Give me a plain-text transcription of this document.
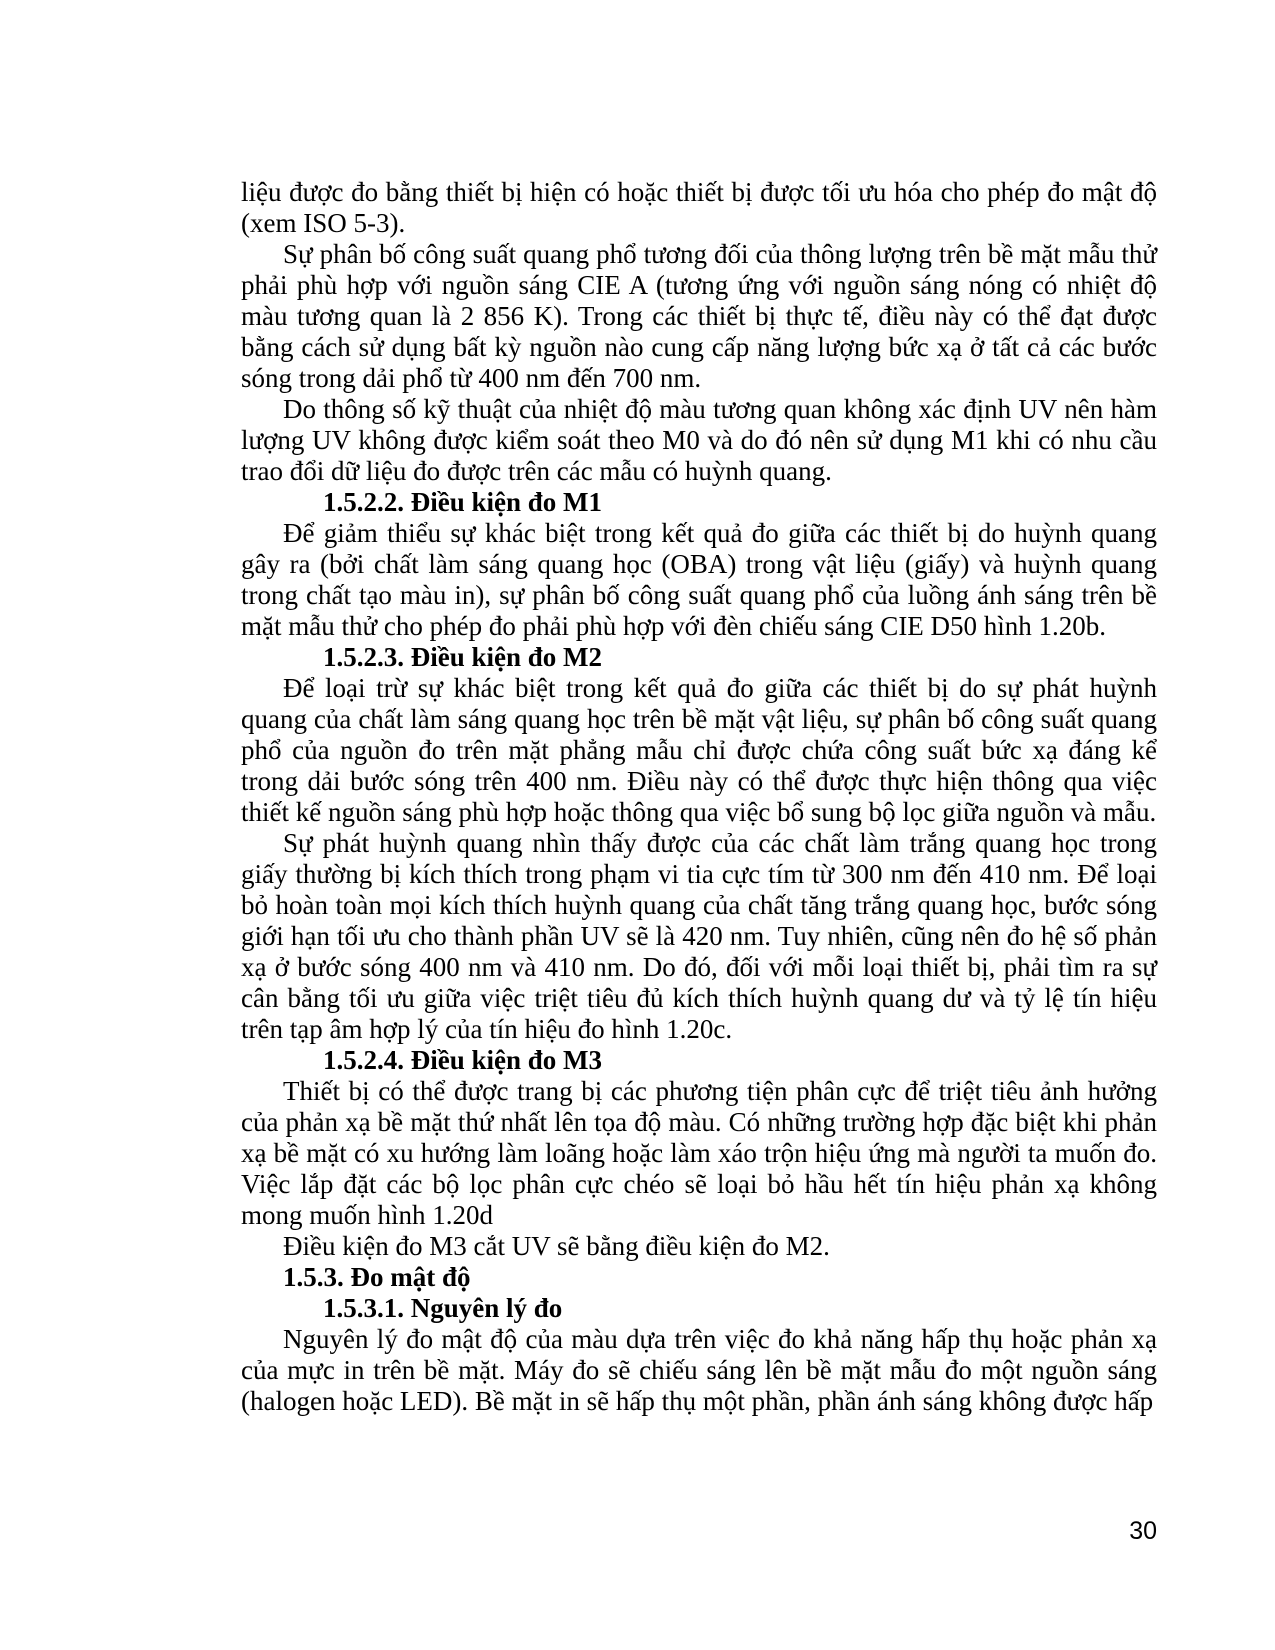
liệu được đo bằng thiết bị hiện có hoặc thiết bị được tối ưu hóa cho phép đo mật độ (xem ISO 5-3).

Sự phân bố công suất quang phổ tương đối của thông lượng trên bề mặt mẫu thử phải phù hợp với nguồn sáng CIE A (tương ứng với nguồn sáng nóng có nhiệt độ màu tương quan là 2 856 K). Trong các thiết bị thực tế, điều này có thể đạt được bằng cách sử dụng bất kỳ nguồn nào cung cấp năng lượng bức xạ ở tất cả các bước sóng trong dải phổ từ 400 nm đến 700 nm.

Do thông số kỹ thuật của nhiệt độ màu tương quan không xác định UV nên hàm lượng UV không được kiểm soát theo M0 và do đó nên sử dụng M1 khi có nhu cầu trao đổi dữ liệu đo được trên các mẫu có huỳnh quang.

1.5.2.2. Điều kiện đo M1

Để giảm thiểu sự khác biệt trong kết quả đo giữa các thiết bị do huỳnh quang gây ra (bởi chất làm sáng quang học (OBA) trong vật liệu (giấy) và huỳnh quang trong chất tạo màu in), sự phân bố công suất quang phổ của luồng ánh sáng trên bề mặt mẫu thử cho phép đo phải phù hợp với đèn chiếu sáng CIE D50 hình 1.20b.

1.5.2.3. Điều kiện đo M2

Để loại trừ sự khác biệt trong kết quả đo giữa các thiết bị do sự phát huỳnh quang của chất làm sáng quang học trên bề mặt vật liệu, sự phân bố công suất quang phổ của nguồn đo trên mặt phẳng mẫu chỉ được chứa công suất bức xạ đáng kể trong dải bước sóng trên 400 nm. Điều này có thể được thực hiện thông qua việc thiết kế nguồn sáng phù hợp hoặc thông qua việc bổ sung bộ lọc giữa nguồn và mẫu.

Sự phát huỳnh quang nhìn thấy được của các chất làm trắng quang học trong giấy thường bị kích thích trong phạm vi tia cực tím từ 300 nm đến 410 nm. Để loại bỏ hoàn toàn mọi kích thích huỳnh quang của chất tăng trắng quang học, bước sóng giới hạn tối ưu cho thành phần UV sẽ là 420 nm. Tuy nhiên, cũng nên đo hệ số phản xạ ở bước sóng 400 nm và 410 nm. Do đó, đối với mỗi loại thiết bị, phải tìm ra sự cân bằng tối ưu giữa việc triệt tiêu đủ kích thích huỳnh quang dư và tỷ lệ tín hiệu trên tạp âm hợp lý của tín hiệu đo hình 1.20c.

1.5.2.4. Điều kiện đo M3

Thiết bị có thể được trang bị các phương tiện phân cực để triệt tiêu ảnh hưởng của phản xạ bề mặt thứ nhất lên tọa độ màu. Có những trường hợp đặc biệt khi phản xạ bề mặt có xu hướng làm loãng hoặc làm xáo trộn hiệu ứng mà người ta muốn đo. Việc lắp đặt các bộ lọc phân cực chéo sẽ loại bỏ hầu hết tín hiệu phản xạ không mong muốn hình 1.20d

Điều kiện đo M3 cắt UV sẽ bằng điều kiện đo M2.

1.5.3. Đo mật độ

1.5.3.1. Nguyên lý đo

Nguyên lý đo mật độ của màu dựa trên việc đo khả năng hấp thụ hoặc phản xạ của mực in trên bề mặt. Máy đo sẽ chiếu sáng lên bề mặt mẫu đo một nguồn sáng (halogen hoặc LED). Bề mặt in sẽ hấp thụ một phần, phần ánh sáng không được hấp

30
